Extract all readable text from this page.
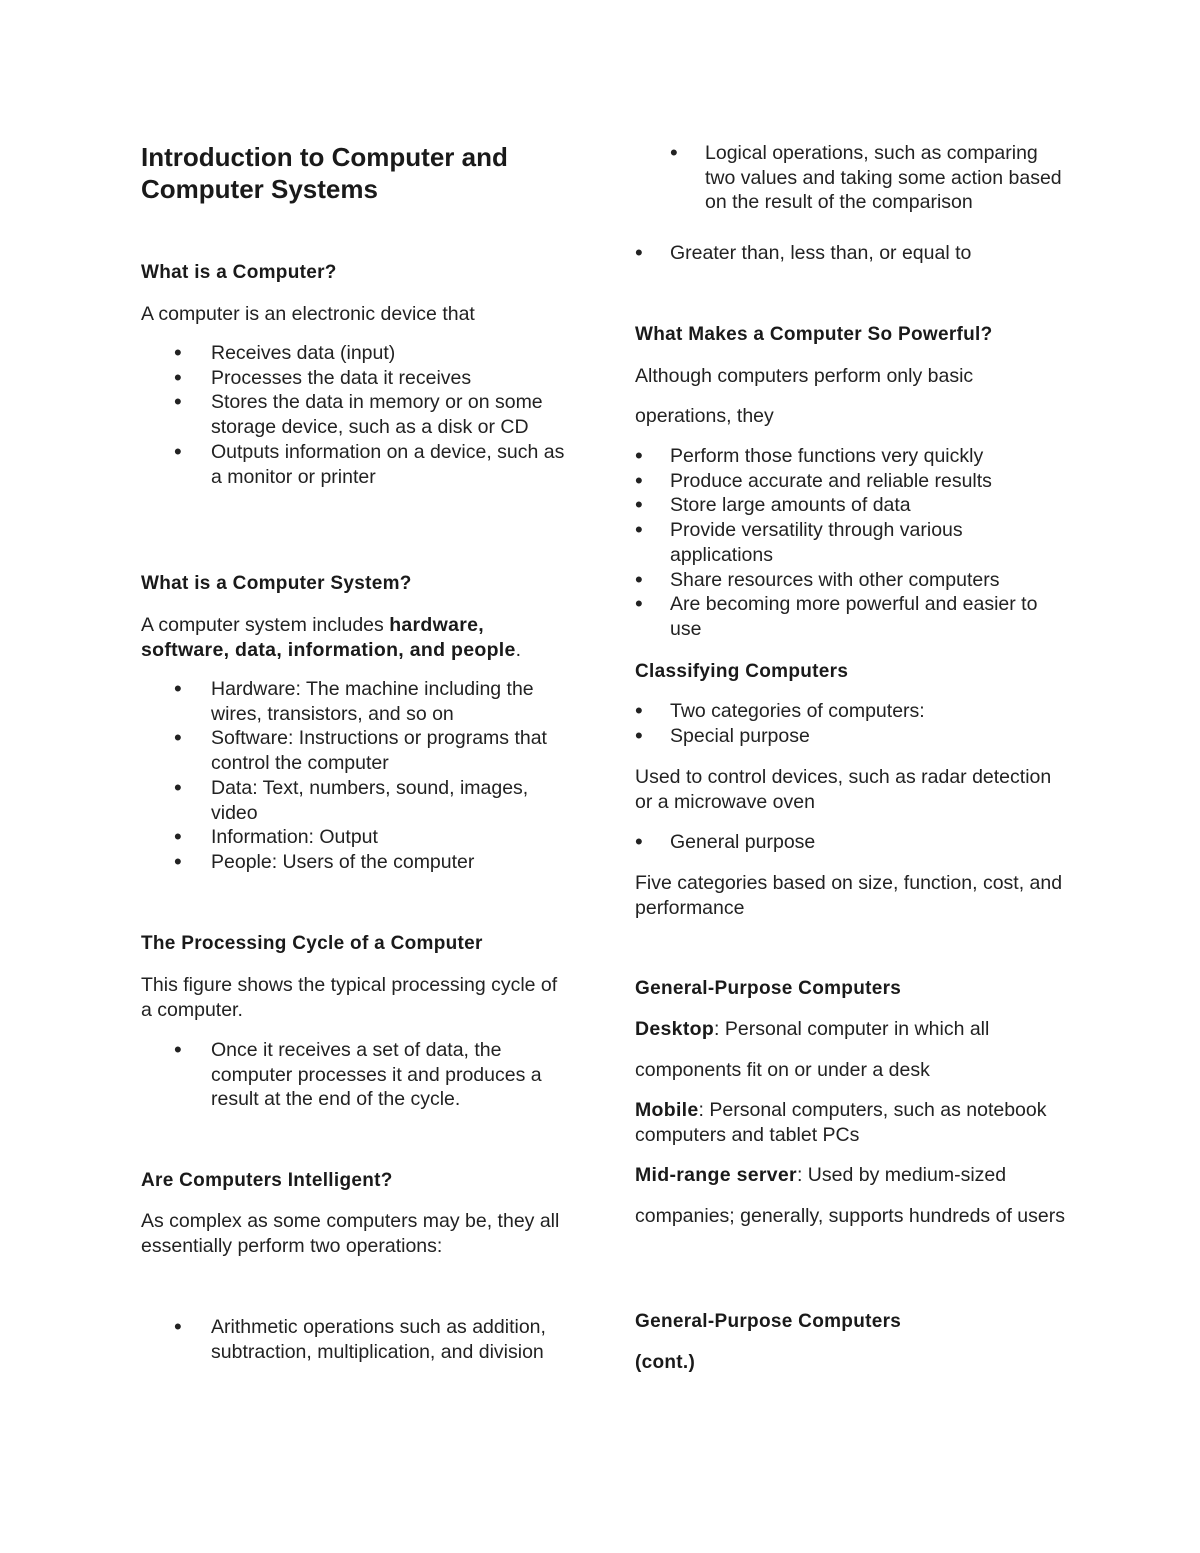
Introduction to Computer and
Computer Systems
What is a Computer?
A computer is an electronic device that
• Receives data (input)
• Processes the data it receives
• Stores the data in memory or on some storage device, such as a disk or CD
• Outputs information on a device, such as a monitor or printer
What is a Computer System?
A computer system includes hardware, software, data, information, and people.
• Hardware: The machine including the wires, transistors, and so on
• Software: Instructions or programs that control the computer
• Data: Text, numbers, sound, images, video
• Information: Output
• People: Users of the computer
The Processing Cycle of a Computer
This figure shows the typical processing cycle of a computer.
• Once it receives a set of data, the computer processes it and produces a result at the end of the cycle.
Are Computers Intelligent?
As complex as some computers may be, they all essentially perform two operations:
• Arithmetic operations such as addition, subtraction, multiplication, and division
• Logical operations, such as comparing two values and taking some action based on the result of the comparison
• Greater than, less than, or equal to
What Makes a Computer So Powerful?
Although computers perform only basic
operations, they
• Perform those functions very quickly
• Produce accurate and reliable results
• Store large amounts of data
• Provide versatility through various applications
• Share resources with other computers
• Are becoming more powerful and easier to use
Classifying Computers
• Two categories of computers:
• Special purpose
Used to control devices, such as radar detection or a microwave oven
• General purpose
Five categories based on size, function, cost, and performance
General-Purpose Computers
Desktop: Personal computer in which all
components fit on or under a desk
Mobile: Personal computers, such as notebook computers and tablet PCs
Mid-range server: Used by medium-sized
companies; generally, supports hundreds of users
General-Purpose Computers
(cont.)
